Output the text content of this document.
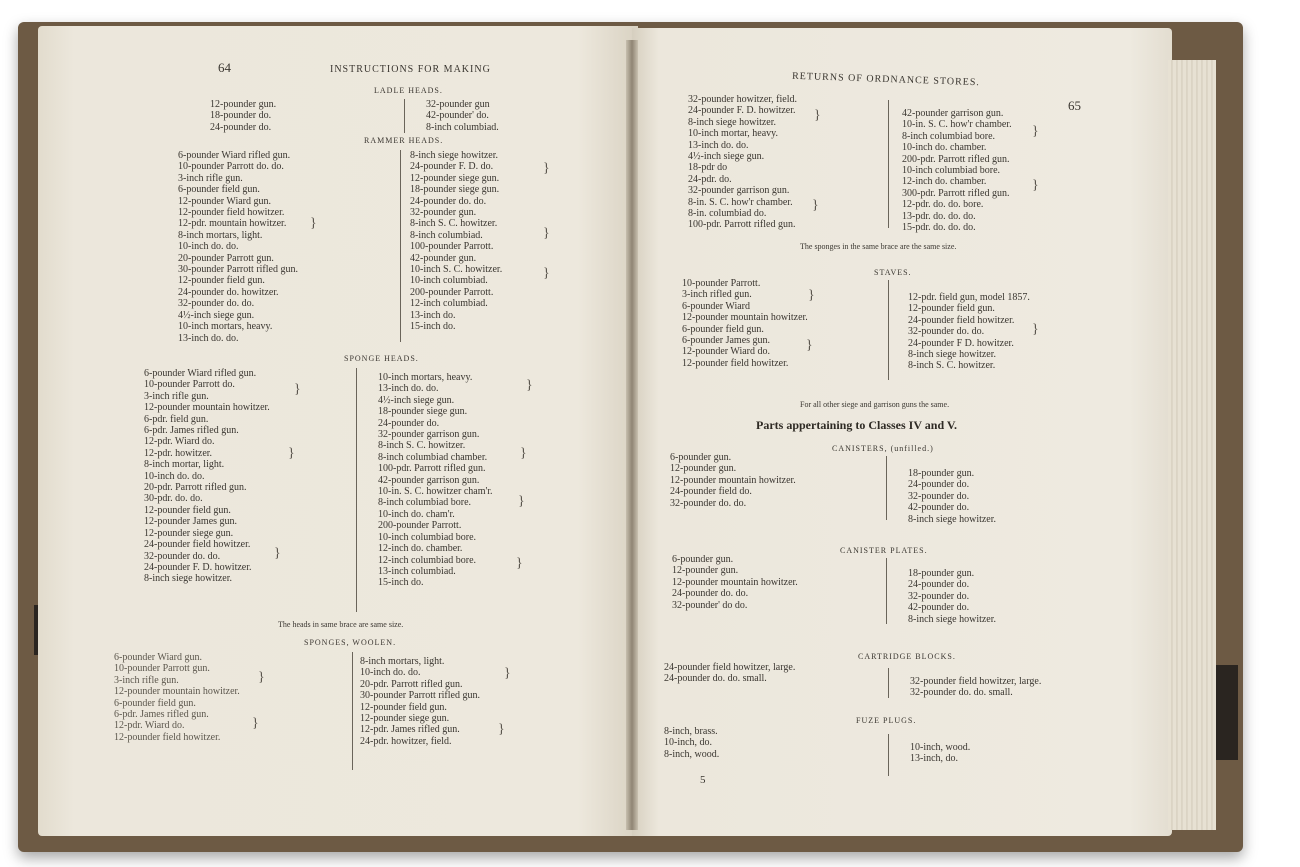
64	INSTRUCTIONS FOR MAKING
LADLE HEADS.
12-pounder gun.
18-pounder do.
24-pounder do.
32-pounder gun
42-pounder' do.
8-inch columbiad.
RAMMER HEADS.
6-pounder Wiard rifled gun.
10-pounder Parrott do. do.
3-inch rifle gun.
6-pounder field gun.
12-pounder Wiard gun.
12-pounder field howitzer.
12-pdr. mountain howitzer.
8-inch mortars, light.
10-inch do. do.
20-pounder Parrott gun.
30-pounder Parrott rifled gun.
12-pounder field gun.
24-pounder do. howitzer.
32-pounder do. do.
4½-inch siege gun.
10-inch mortars, heavy.
13-inch do. do.
8-inch siege howitzer.
24-pounder F. D. do.
12-pounder siege gun.
18-pounder siege gun.
24-pounder do. do.
32-pounder gun.
8-inch S. C. howitzer.
8-inch columbiad.
100-pounder Parrott.
42-pounder gun.
10-inch S. C. howitzer.
10-inch columbiad.
200-pounder Parrott.
12-inch columbiad.
13-inch do.
15-inch do.
}
}
}
}
SPONGE HEADS.
6-pounder Wiard rifled gun.
10-pounder Parrott do.
3-inch rifle gun.
12-pounder mountain howitzer.
6-pdr. field gun.
6-pdr. James rifled gun.
12-pdr. Wiard do.
12-pdr. howitzer.
8-inch mortar, light.
10-inch do. do.
20-pdr. Parrott rifled gun.
30-pdr. do. do.
12-pounder field gun.
12-pounder James gun.
12-pounder siege gun.
24-pounder field howitzer.
32-pounder do. do.
24-pounder F. D. howitzer.
8-inch siege howitzer.
10-inch mortars, heavy.
13-inch do. do.
4½-inch siege gun.
18-pounder siege gun.
24-pounder do.
32-pounder garrison gun.
8-inch S. C. howitzer.
8-inch columbiad chamber.
100-pdr. Parrott rifled gun.
42-pounder garrison gun.
10-in. S. C. howitzer cham'r.
8-inch columbiad bore.
10-inch do. cham'r.
200-pounder Parrott.
10-inch columbiad bore.
12-inch do. chamber.
12-inch columbiad bore.
13-inch columbiad.
15-inch do.
}
}
}
}
}
}
}
The heads in same brace are same size.
SPONGES, WOOLEN.
6-pounder Wiard gun.
10-pounder Parrott gun.
3-inch rifle gun.
12-pounder mountain howitzer.
6-pounder field gun.
6-pdr. James rifled gun.
12-pdr. Wiard do.
12-pounder field howitzer.
8-inch mortars, light.
10-inch do. do.
20-pdr. Parrott rifled gun.
30-pounder Parrott rifled gun.
12-pounder field gun.
12-pounder siege gun.
12-pdr. James rifled gun.
24-pdr. howitzer, field.
}
}
}
}
RETURNS OF ORDNANCE STORES.
65
32-pounder howitzer, field.
24-pounder F. D. howitzer.
8-inch siege howitzer.
10-inch mortar, heavy.
13-inch do. do.
4½-inch siege gun.
18-pdr do
24-pdr. do.
32-pounder garrison gun.
8-in. S. C. how'r chamber.
8-in. columbiad do.
100-pdr. Parrott rifled gun.
42-pounder garrison gun.
10-in. S. C. how'r chamber.
8-inch columbiad bore.
10-inch do. chamber.
200-pdr. Parrott rifled gun.
10-inch columbiad bore.
12-inch do. chamber.
300-pdr. Parrott rifled gun.
12-pdr. do. do. bore.
13-pdr. do. do. do.
15-pdr. do. do. do.
}
}
}
}
The sponges in the same brace are the same size.
STAVES.
10-pounder Parrott.
3-inch rifled gun.
6-pounder Wiard
12-pounder mountain howitzer.
6-pounder field gun.
6-pounder James gun.
12-pounder Wiard do.
12-pounder field howitzer.
12-pdr. field gun, model 1857.
12-pounder field gun.
24-pounder field howitzer.
32-pounder do. do.
24-pounder F D. howitzer.
8-inch siege howitzer.
8-inch S. C. howitzer.
}
}
}
For all other siege and garrison guns the same.
Parts appertaining to Classes IV and V.
CANISTERS, (unfilled.)
6-pounder gun.
12-pounder gun.
12-pounder mountain howitzer.
24-pounder field do.
32-pounder do. do.
18-pounder gun.
24-pounder do.
32-pounder do.
42-pounder do.
8-inch siege howitzer.
CANISTER PLATES.
6-pounder gun.
12-pounder gun.
12-pounder mountain howitzer.
24-pounder do. do.
32-pounder' do do.
18-pounder gun.
24-pounder do.
32-pounder do.
42-pounder do.
8-inch siege howitzer.
CARTRIDGE BLOCKS.
24-pounder field howitzer, large.
24-pounder do. do. small.	32-pounder field howitzer, large.
32-pounder do. do. small.
FUZE PLUGS.
8-inch, brass.
10-inch, do.
8-inch, wood.
10-inch, wood.
13-inch, do.
5
